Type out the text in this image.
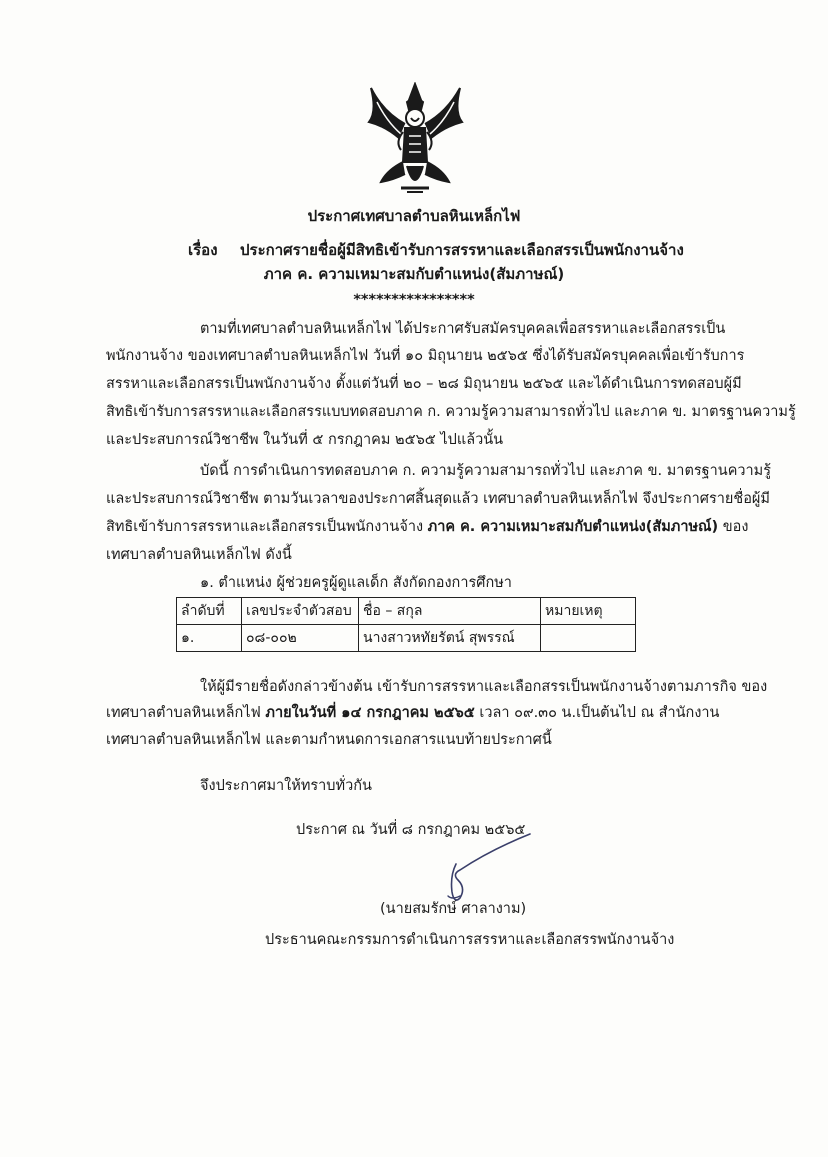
ประกาศเทศบาลตำบลหินเหล็กไฟ
เรื่อง ประกาศรายชื่อผู้มีสิทธิเข้ารับการสรรหาและเลือกสรรเป็นพนักงานจ้าง
ภาค ค. ความเหมาะสมกับตำแหน่ง(สัมภาษณ์)
****************
ตามที่เทศบาลตำบลหินเหล็กไฟ ได้ประกาศรับสมัครบุคคลเพื่อสรรหาและเลือกสรรเป็น
พนักงานจ้าง ของเทศบาลตำบลหินเหล็กไฟ วันที่ ๑๐ มิถุนายน ๒๕๖๕ ซึ่งได้รับสมัครบุคคลเพื่อเข้ารับการ
สรรหาและเลือกสรรเป็นพนักงานจ้าง ตั้งแต่วันที่ ๒๐ – ๒๘ มิถุนายน ๒๕๖๕ และได้ดำเนินการทดสอบผู้มี
สิทธิเข้ารับการสรรหาและเลือกสรรแบบทดสอบภาค ก. ความรู้ความสามารถทั่วไป และภาค ข. มาตรฐานความรู้
และประสบการณ์วิชาชีพ ในวันที่ ๕ กรกฎาคม ๒๕๖๕ ไปแล้วนั้น
บัดนี้ การดำเนินการทดสอบภาค ก. ความรู้ความสามารถทั่วไป และภาค ข. มาตรฐานความรู้
และประสบการณ์วิชาชีพ ตามวันเวลาของประกาศสิ้นสุดแล้ว เทศบาลตำบลหินเหล็กไฟ จึงประกาศรายชื่อผู้มี
สิทธิเข้ารับการสรรหาและเลือกสรรเป็นพนักงานจ้าง ภาค ค. ความเหมาะสมกับตำแหน่ง(สัมภาษณ์) ของ
เทศบาลตำบลหินเหล็กไฟ ดังนี้
๑. ตำแหน่ง ผู้ช่วยครูผู้ดูแลเด็ก สังกัดกองการศึกษา
ลำดับที่	เลขประจำตัวสอบ	ชื่อ – สกุล	หมายเหตุ
๑.	๐๘-๐๐๒	นางสาวหทัยรัตน์ สุพรรณ์	
ให้ผู้มีรายชื่อดังกล่าวข้างต้น เข้ารับการสรรหาและเลือกสรรเป็นพนักงานจ้างตามภารกิจ ของ
เทศบาลตำบลหินเหล็กไฟ ภายในวันที่ ๑๔ กรกฎาคม ๒๕๖๕ เวลา ๐๙.๓๐ น.เป็นต้นไป ณ สำนักงาน
เทศบาลตำบลหินเหล็กไฟ และตามกำหนดการเอกสารแนบท้ายประกาศนี้
จึงประกาศมาให้ทราบทั่วกัน
ประกาศ ณ วันที่ ๘ กรกฎาคม ๒๕๖๕
(นายสมรักษ์ ศาลางาม)
ประธานคณะกรรมการดำเนินการสรรหาและเลือกสรรพนักงานจ้าง
